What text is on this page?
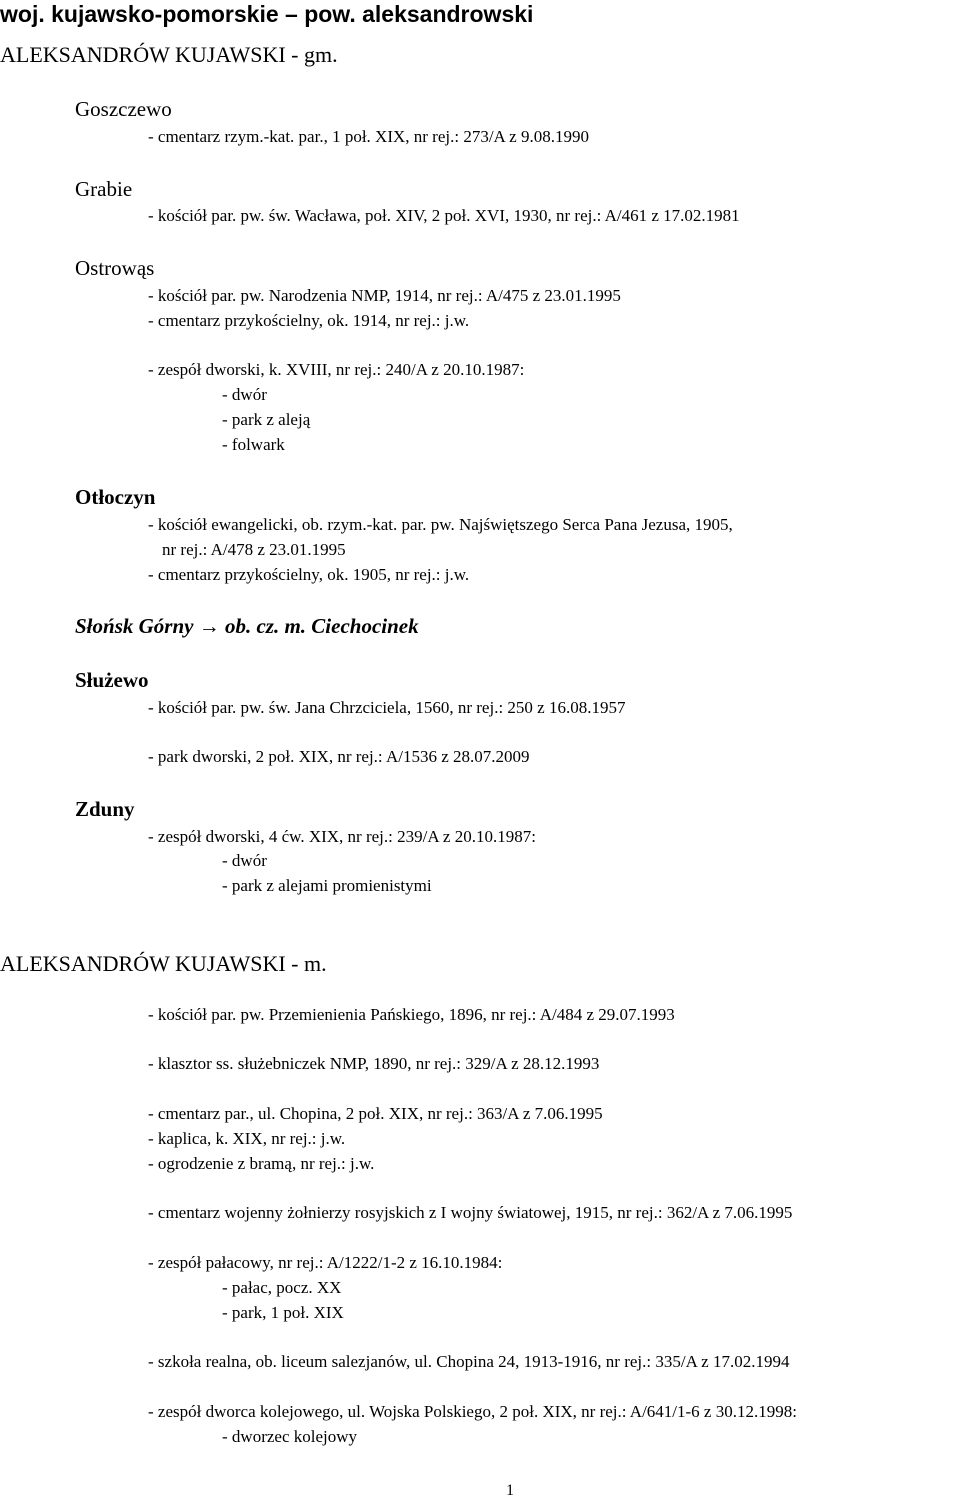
woj. kujawsko-pomorskie – pow. aleksandrowski
ALEKSANDRÓW KUJAWSKI - gm.
Goszczewo
- cmentarz rzym.-kat. par., 1 poł. XIX, nr rej.: 273/A z 9.08.1990
Grabie
- kościół par. pw. św. Wacława, poł. XIV, 2 poł. XVI, 1930, nr rej.: A/461 z 17.02.1981
Ostrowąs
- kościół par. pw. Narodzenia NMP, 1914, nr rej.: A/475 z 23.01.1995
- cmentarz przykościelny, ok. 1914, nr rej.: j.w.
- zespół dworski, k. XVIII, nr rej.: 240/A z 20.10.1987:
- dwór
- park z aleją
- folwark
Otłoczyn
- kościół ewangelicki, ob. rzym.-kat. par. pw. Najświętszego Serca Pana Jezusa, 1905,
nr rej.: A/478 z 23.01.1995
- cmentarz przykościelny, ok. 1905, nr rej.: j.w.
Słońsk Górny → ob. cz. m. Ciechocinek
Służewo
- kościół par. pw. św. Jana Chrzciciela, 1560, nr rej.: 250 z 16.08.1957
- park dworski, 2 poł. XIX, nr rej.: A/1536 z 28.07.2009
Zduny
- zespół dworski, 4 ćw. XIX, nr rej.: 239/A z 20.10.1987:
- dwór
- park z alejami promienistymi
ALEKSANDRÓW KUJAWSKI - m.
- kościół par. pw. Przemienienia Pańskiego, 1896, nr rej.: A/484 z 29.07.1993
- klasztor ss. służebniczek NMP, 1890, nr rej.: 329/A z 28.12.1993
- cmentarz par., ul. Chopina, 2 poł. XIX, nr rej.: 363/A z 7.06.1995
- kaplica, k. XIX, nr rej.: j.w.
- ogrodzenie z bramą, nr rej.: j.w.
- cmentarz wojenny żołnierzy rosyjskich z I wojny światowej, 1915, nr rej.: 362/A z 7.06.1995
- zespół pałacowy, nr rej.: A/1222/1-2 z 16.10.1984:
- pałac, pocz. XX
- park, 1 poł. XIX
- szkoła realna, ob. liceum salezjanów, ul. Chopina 24, 1913-1916, nr rej.: 335/A z 17.02.1994
- zespół dworca kolejowego, ul. Wojska Polskiego, 2 poł. XIX, nr rej.: A/641/1-6 z 30.12.1998:
- dworzec kolejowy
1
